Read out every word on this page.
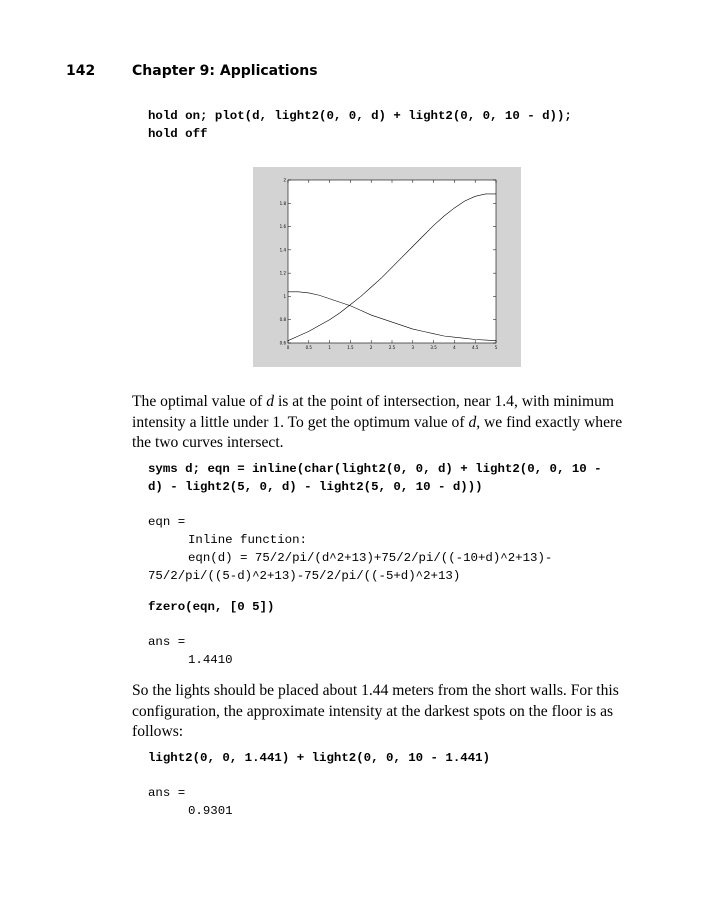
142	Chapter 9: Applications
hold on; plot(d, light2(0, 0, d) + light2(0, 0, 10 - d));
hold off
0	0.5	1	1.5	2	2.5	3	3.5	4	4.5	5
0.6
0.8
1
1.2
1.4
1.6
1.8
2

The optimal value of d is at the point of intersection, near 1.4, with minimum intensity a little under 1. To get the optimum value of d, we find exactly where the two curves intersect.

syms d; eqn = inline(char(light2(0, 0, d) + light2(0, 0, 10 -
d) - light2(5, 0, d) - light2(5, 0, 10 - d)))
eqn =
Inline function:
eqn(d) = 75/2/pi/(d^2+13)+75/2/pi/((-10+d)^2+13)-
75/2/pi/((5-d)^2+13)-75/2/pi/((-5+d)^2+13)
fzero(eqn, [0 5])
ans =
1.4410

So the lights should be placed about 1.44 meters from the short walls. For this configuration, the approximate intensity at the darkest spots on the floor is as follows:

light2(0, 0, 1.441) + light2(0, 0, 10 - 1.441)
ans =
0.9301
